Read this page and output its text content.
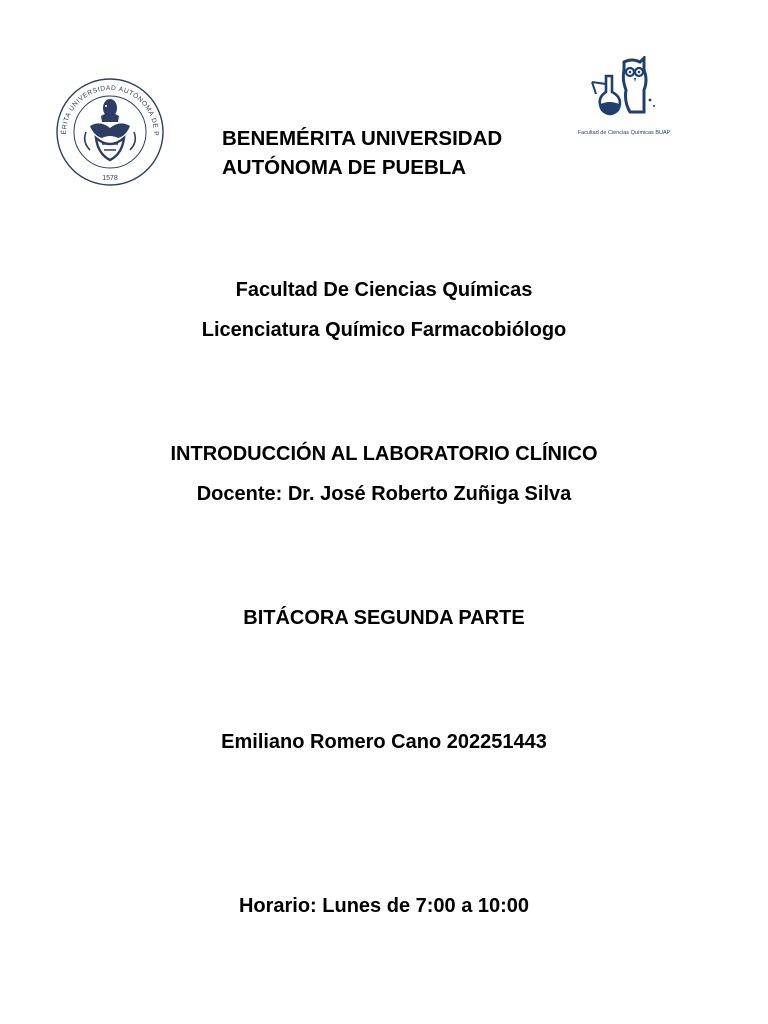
ÉRITA UNIVERSIDAD AUTÓNOMA DE P
1578
Facultad de Ciencias Químicas BUAP
BENEMÉRITA UNIVERSIDAD
AUTÓNOMA DE PUEBLA
Facultad De Ciencias Químicas
Licenciatura Químico Farmacobiólogo
INTRODUCCIÓN AL LABORATORIO CLÍNICO
Docente: Dr. José Roberto Zuñiga Silva
BITÁCORA SEGUNDA PARTE
Emiliano Romero Cano 202251443
Horario: Lunes de 7:00 a 10:00
